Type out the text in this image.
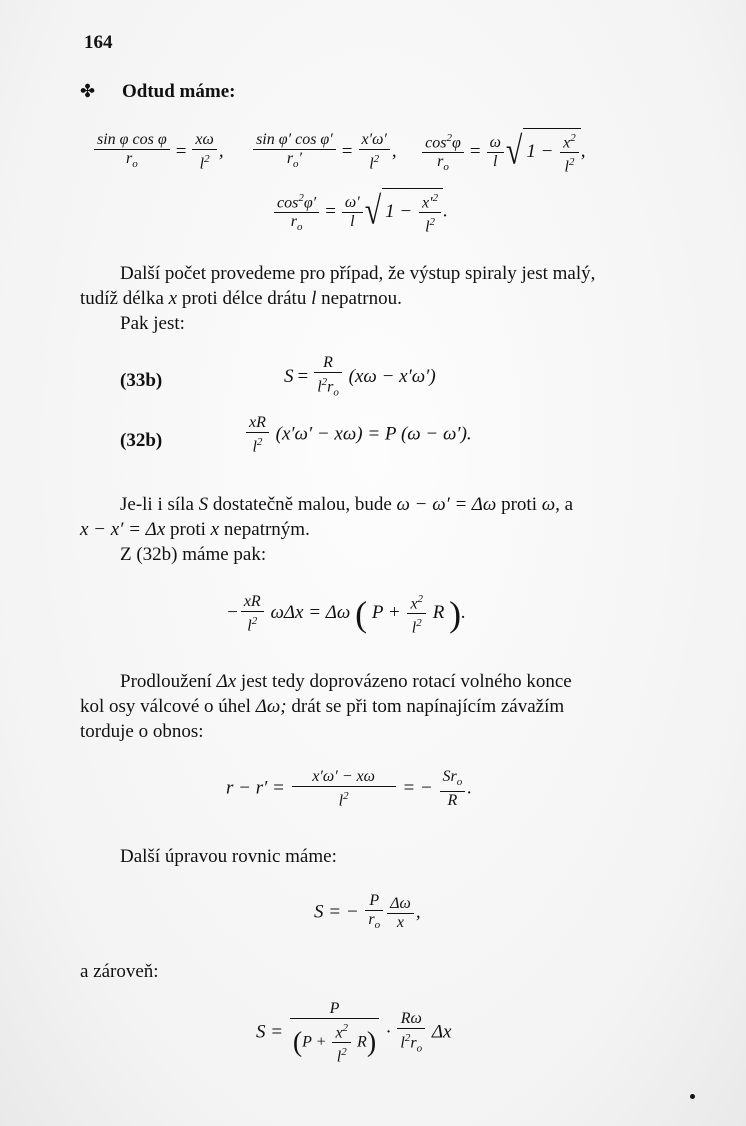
164
✤ Odtud máme:
$\frac{\text{sin φ cos φ}}{r_o} = \frac{x\omega}{l^2}$ , $\frac{\text{sin φ′ cos φ′}}{r_o'} = \frac{x'\omega'}{l^2}$ , $\frac{\cos^2\varphi}{r_o} = \frac{\omega}{l}$ √ $1 - \frac{x^2}{l^2}$ ,
$\frac{\cos^2\varphi'}{r_o} = \frac{\omega'}{l}$ √ $1 - \frac{x'^2}{l^2}$ .
Další počet provedeme pro případ, že výstup spiraly jest malý,
tudíž délka x proti délce drátu l nepatrnou.
Pak jest:
(33b)	$S = \frac{R}{l^2r_o} (x\omega - x'\omega')$
(32b)	$\frac{xR}{l^2} (x'\omega' - x\omega) = P$ (ω − ω′).
Je-li i síla S dostatečně malou, bude ω − ω′ = Δω proti ω, a
x − x′ = Δx proti x nepatrným.
Z (32b) máme pak:
− $\frac{xR}{l^2}$ ωΔx = Δω ( $P + \frac{x^2}{l^2}$ R ).
Prodloužení Δx jest tedy doprovázeno rotací volného konce
kol osy válcové o úhel Δω; drát se při tom napínajícím závažím
torduje o obnos:
$r - r' = \frac{x'\omega' - x\omega}{l^2}$ = − $\frac{Sr_o}{R}$ .
Další úpravou rovnic máme:
S = − $\frac{P}{r_o} \frac{\Delta\omega}{x}$ ,
a zároveň:
$S = \frac{P}{(P + \frac{x^2}{l^2} R)} \cdot \frac{R\omega}{l^2r_o}$ Δx
